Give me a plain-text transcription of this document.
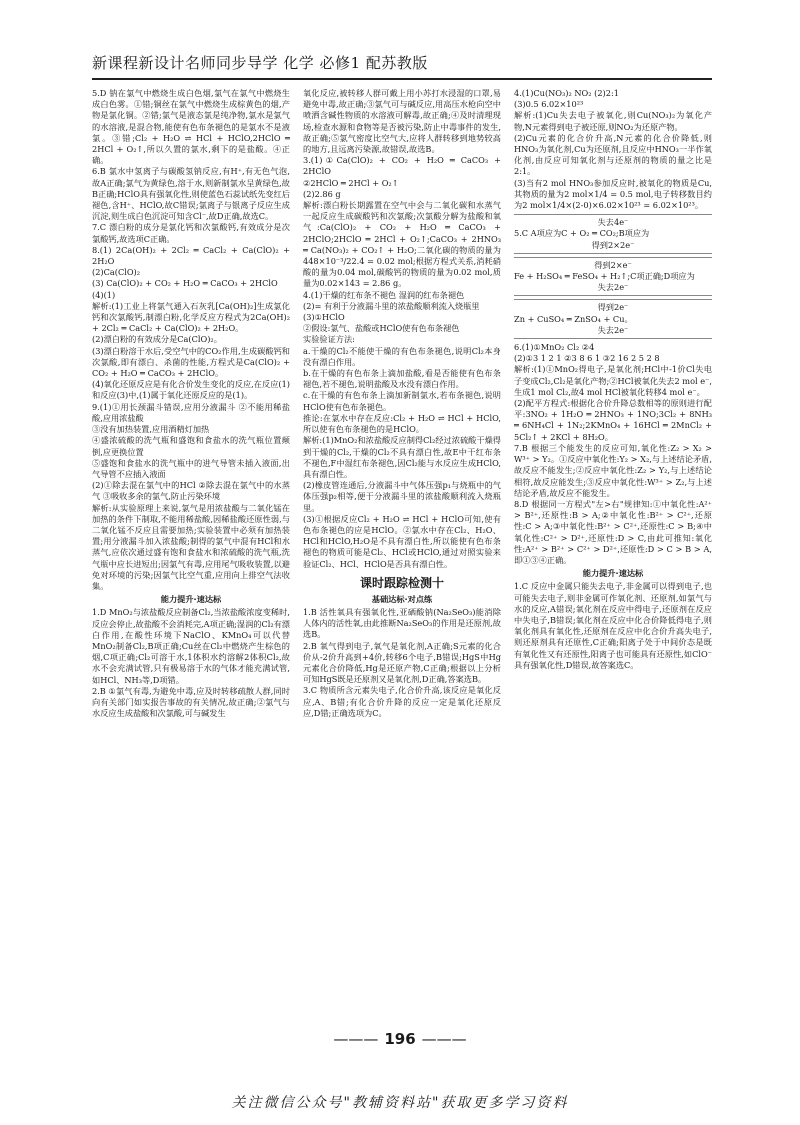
新课程新设计名师同步导学 化学 必修1 配苏教版

5.D 钠在氯气中燃烧生成白色烟,氯气在氯气中燃烧生成白色雾。①错;铜丝在氯气中燃烧生成棕黄色的烟,产物是氯化铜。②错;氯气是液态氯是纯净物,氯水是氯气的水溶液,是混合物,能使有色布条褪色的是氯水不是液氯。③错;Cl₂ + H₂O ⇌ HCl + HClO,2HClO ═ 2HCl + O₂↑,所以久置的氯水,剩下的是盐酸。④正确。

6.B 氯水中氢离子与碳酸氢钠反应,有H⁺,有无色气泡,故A正确;氯气为黄绿色,溶于水,则新制氯水呈黄绿色,故B正确;HClO具有强氧化性,则使蓝色石蕊试纸先变红后褪色,含H⁺、HClO,故C错误;氯离子与银离子反应生成沉淀,则生成白色沉淀可知含Cl⁻,故D正确,故选C。

7.C 漂白粉的成分是氯化钙和次氯酸钙,有效成分是次氯酸钙,故选项C正确。

8.(1) 2Ca(OH)₂ + 2Cl₂ ═ CaCl₂ + Ca(ClO)₂ + 2H₂O

(2)Ca(ClO)₂

(3) Ca(ClO)₂ + CO₂ + H₂O ═ CaCO₃ + 2HClO

(4)(1)

解析:(1)工业上将氯气通入石灰乳[Ca(OH)₂]生成氯化钙和次氯酸钙,制漂白粉,化学反应方程式为2Ca(OH)₂ + 2Cl₂ ═ CaCl₂ + Ca(ClO)₂ + 2H₂O。

(2)漂白粉的有效成分是Ca(ClO)₂。

(3)漂白粉溶于水后,受空气中的CO₂作用,生成碳酸钙和次氯酸,即有漂白、杀菌的性能,方程式是Ca(ClO)₂ + CO₂ + H₂O ═ CaCO₃ + 2HClO。

(4)氧化还原反应是有化合价发生变化的反应,在反应(1)和反应(3)中,(1)属于氧化还原反应的是(1)。

9.(1)①用长颈漏斗错误,应用分液漏斗 ②不能用稀盐酸,应用浓盐酸

③没有加热装置,应用酒精灯加热

④盛浓硫酸的洗气瓶和盛饱和食盐水的洗气瓶位置颠倒,应更换位置

⑤盛饱和食盐水的洗气瓶中的进气导管未插入液面,出气导管不应插入液面

(2)①除去混在氯气中的HCl ②除去混在氯气中的水蒸气 ③吸收多余的氯气,防止污染环境

解析:从实验原理上来说,氯气是用浓盐酸与二氧化锰在加热的条件下制取,不能用稀盐酸,因稀盐酸还原性弱,与二氧化锰不反应且需要加热;实验装置中必须有加热装置;用分液漏斗加入浓盐酸;制得的氯气中混有HCl和水蒸气,应依次通过盛有饱和食盐水和浓硫酸的洗气瓶,洗气瓶中应长进短出;因氯气有毒,应用尾气吸收装置,以避免对环境的污染;因氯气比空气重,应用向上排空气法收集。

能力提升·速达标

1.D MnO₂与浓盐酸反应制备Cl₂,当浓盐酸浓度变稀时,反应会停止,故盐酸不会消耗完,A项正确;湿润的Cl₂有漂白作用,在酸性环境下NaClO、KMnO₄可以代替MnO₂制备Cl₂,B项正确;Cu丝在Cl₂中燃烧产生棕色的烟,C项正确;Cl₂可溶于水,1体积水约溶解2体积Cl₂,故水不会充满试管,只有极易溶于水的气体才能充满试管,如HCl、NH₃等,D项错。

2.B ①氯气有毒,为避免中毒,应及时转移疏散人群,同时向有关部门如实报告事故的有关情况,故正确;②氯气与水反应生成盐酸和次氯酸,可与碱发生

氧化反应,被转移人群可戴上用小苏打水浸湿的口罩,易避免中毒,故正确;③氯气可与碱反应,用高压水枪向空中喷洒含碱性物质的水溶液可解毒,故正确;④及时清理现场,检查水源和食物等是否被污染,防止中毒事件的发生,故正确;⑤氯气密度比空气大,应将人群转移到地势较高的地方,且远离污染源,故错误,故选B。

3.(1)①Ca(ClO)₂ + CO₂ + H₂O ═ CaCO₃ + 2HClO

②2HClO ═ 2HCl + O₂↑

(2)2.86 g

解析:漂白粉长期露置在空气中会与二氧化碳和水蒸气一起反应生成碳酸钙和次氯酸;次氯酸分解为盐酸和氧气:Ca(ClO)₂ + CO₂ + H₂O ═ CaCO₃ + 2HClO;2HClO ═ 2HCl + O₂↑;CaCO₃ + 2HNO₃ ═ Ca(NO₃)₂ + CO₂↑ + H₂O;二氧化碳的物质的量为448×10⁻³/22.4 = 0.02 mol;根据方程式关系,消耗硝酸的量为0.04 mol,碳酸钙的物质的量为0.02 mol,质量为0.02×143 = 2.86 g。

4.(1)干燥的红布条不褪色 湿润的红布条褪色

(2)= 有利于分液漏斗里的浓盐酸顺利流入烧瓶里

(3)①HClO

②假设:氯气、盐酸或HClO使有色布条褪色

实验验证方法:

a.干燥的Cl₂不能使干燥的有色布条褪色,说明Cl₂本身没有漂白作用。

b.在干燥的有色布条上滴加盐酸,看是否能使有色布条褪色,若不褪色,说明盐酸及水没有漂白作用。

c.在干燥的有色布条上滴加新制氯水,若布条褪色,说明HClO使有色布条褪色。

推论:在氯水中存在反应:Cl₂ + H₂O ⇌ HCl + HClO,所以使有色布条褪色的是HClO。

解析:(1)MnO₂和浓盐酸反应制得Cl₂经过浓硫酸干燥得到干燥的Cl₂,干燥的Cl₂不具有漂白性,故E中干红布条不褪色,F中湿红布条褪色,因Cl₂能与水反应生成HClO,具有漂白性。

(2)橡皮管连通后,分液漏斗中气体压强p₁与烧瓶中的气体压强p₂相等,便于分液漏斗里的浓盐酸顺利流入烧瓶里。

(3)①根据反应Cl₂ + H₂O ⇌ HCl + HClO可知,使有色布条褪色的应是HClO。②氯水中存在Cl₂、H₂O、HCl和HClO,H₂O是不具有漂白性,所以能使有色布条褪色的物质可能是Cl₂、HCl或HClO,通过对照实验来验证Cl₂、HCl、HClO是否具有漂白性。

课时跟踪检测十

基础达标·对点练

1.B 活性氧具有强氧化性,亚硒酸钠(Na₂SeO₃)能消除人体内的活性氧,由此推断Na₂SeO₃的作用是还原剂,故选B。

2.B 氧气得到电子,氧气是氧化剂,A正确;S元素的化合价从-2价升高到+4价,转移6个电子,B错误;HgS中Hg元素化合价降低,Hg是还原产物,C正确;根据以上分析可知HgS既是还原剂又是氧化剂,D正确,答案选B。

3.C 物质所含元素失电子,化合价升高,该反应是氧化反应,A、B错;有化合价升降的反应一定是氧化还原反应,D错;正确选项为C。

4.(1)Cu(NO₃)₂ NO₂ (2)2:1

(3)0.5 6.02×10²³

解析:(1)Cu失去电子被氧化,则Cu(NO₃)₂为氧化产物,N元素得到电子被还原,则NO₂为还原产物。

(2)Cu元素的化合价升高,N元素的化合价降低,则HNO₃为氧化剂,Cu为还原剂,且反应中HNO₃一半作氧化剂,由反应可知氧化剂与还原剂的物质的量之比是2:1。

(3)当有2 mol HNO₃参加反应时,被氧化的物质是Cu,其物质的量为2 mol×1/4 = 0.5 mol,电子转移数目约为2 mol×1/4×(2-0)×6.02×10²³ = 6.02×10²³。

失去4e⁻

5.C A项应为C + O₂ ═ CO₂;B项应为

得到2×2e⁻

得到2×e⁻

Fe + H₂SO₄ ═ FeSO₄ + H₂↑;C项正确;D项应为

失去2e⁻

得到2e⁻

Zn + CuSO₄ ═ ZnSO₄ + Cu。

失去2e⁻

6.(1)①MnO₂ Cl₂ ②4

(2)①3 1 2 1 ②3 8 6 1 ③2 16 2 5 2 8

解析:(1)①MnO₂得电子,是氧化剂;HCl中-1价Cl失电子变成Cl₂,Cl₂是氧化产物;②HCl被氧化失去2 mol e⁻,生成1 mol Cl₂,故4 mol HCl被氧化转移4 mol e⁻。

(2)配平方程式:根据化合价升降总数相等的原则进行配平:3NO₂ + 1H₂O ═ 2HNO₃ + 1NO;3Cl₂ + 8NH₃ ═ 6NH₄Cl + 1N₂;2KMnO₄ + 16HCl ═ 2MnCl₂ + 5Cl₂↑ + 2KCl + 8H₂O。

7.B 根据三个能发生的反应可知,氧化性:Z₂ > X₂ > W³⁺ > Y₂。①反应中氧化性:Y₂ > X₂,与上述结论矛盾,故反应不能发生;②反应中氧化性:Z₂ > Y₂,与上述结论相符,故反应能发生;③反应中氧化性:W³⁺ > Z₂,与上述结论矛盾,故反应不能发生。

8.D 根据同一方程式"左>右"规律知:①中氧化性:A²⁺ > B²⁺,还原性:B > A;②中氧化性:B²⁺ > C²⁺,还原性:C > A;③中氧化性:B²⁺ > C²⁺,还原性:C > B;④中氧化性:C²⁺ > D²⁺,还原性:D > C,由此可推知:氧化性:A²⁺ > B²⁺ > C²⁺ > D²⁺,还原性:D > C > B > A,即①③④正确。

能力提升·速达标

1.C 反应中金属只能失去电子,非金属可以得到电子,也可能失去电子,则非金属可作氧化剂、还原剂,如氯气与水的反应,A错误;氧化剂在反应中得电子,还原剂在反应中失电子,B错误;氧化剂在反应中化合价降低得电子,则氧化剂具有氧化性,还原剂在反应中化合价升高失电子,则还原剂具有还原性,C正确;阳离子处于中间价态是既有氧化性又有还原性,阳离子也可能具有还原性,如ClO⁻具有强氧化性,D错误,故答案选C。

——— 196 ———
关注微信公众号"教辅资料站"获取更多学习资料
